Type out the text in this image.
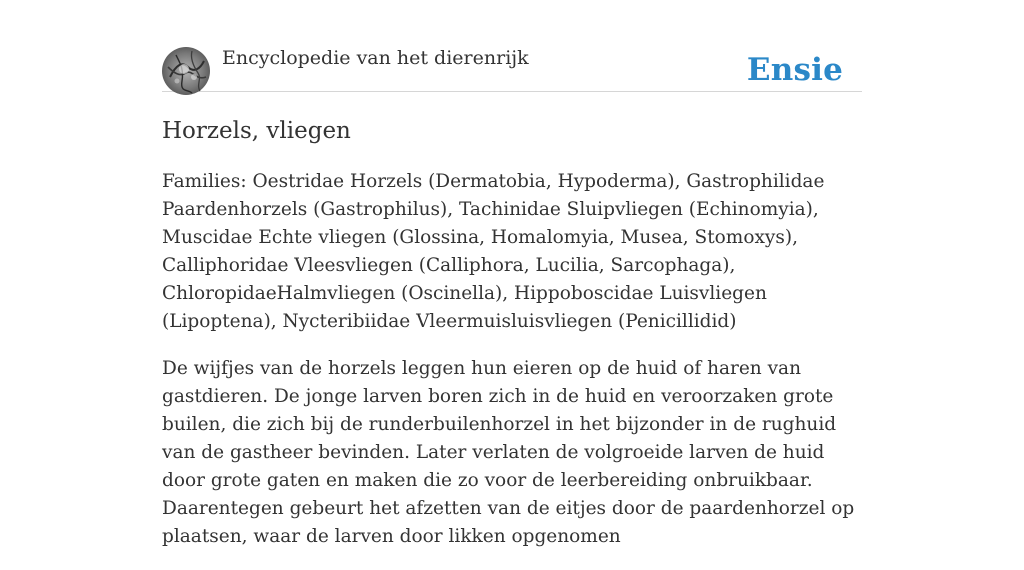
Encyclopedie van het dierenrijk	Ensie
Horzels, vliegen

Families: Oestridae Horzels (Dermatobia, Hypoderma), Gastrophilidae Paardenhorzels (Gastrophilus), Tachinidae Sluipvliegen (Echinomyia), Muscidae Echte vliegen (Glossina, Homalomyia, Musea, Stomoxys), Calliphoridae Vleesvliegen (Calliphora, Lucilia, Sarcophaga), ChloropidaeHalmvliegen (Oscinella), Hippoboscidae Luisvliegen (Lipoptena), Nycteribiidae Vleermuisluisvliegen (Penicillidid)

De wijfjes van de horzels leggen hun eieren op de huid of haren van gastdieren. De jonge larven boren zich in de huid en veroorzaken grote builen, die zich bij de runderbuilenhorzel in het bijzonder in de rughuid van de gastheer bevinden. Later verlaten de volgroeide larven de huid door grote gaten en maken die zo voor de leerbereiding onbruikbaar. Daarentegen gebeurt het afzetten van de eitjes door de paardenhorzel op plaatsen, waar de larven door likken opgenomen
